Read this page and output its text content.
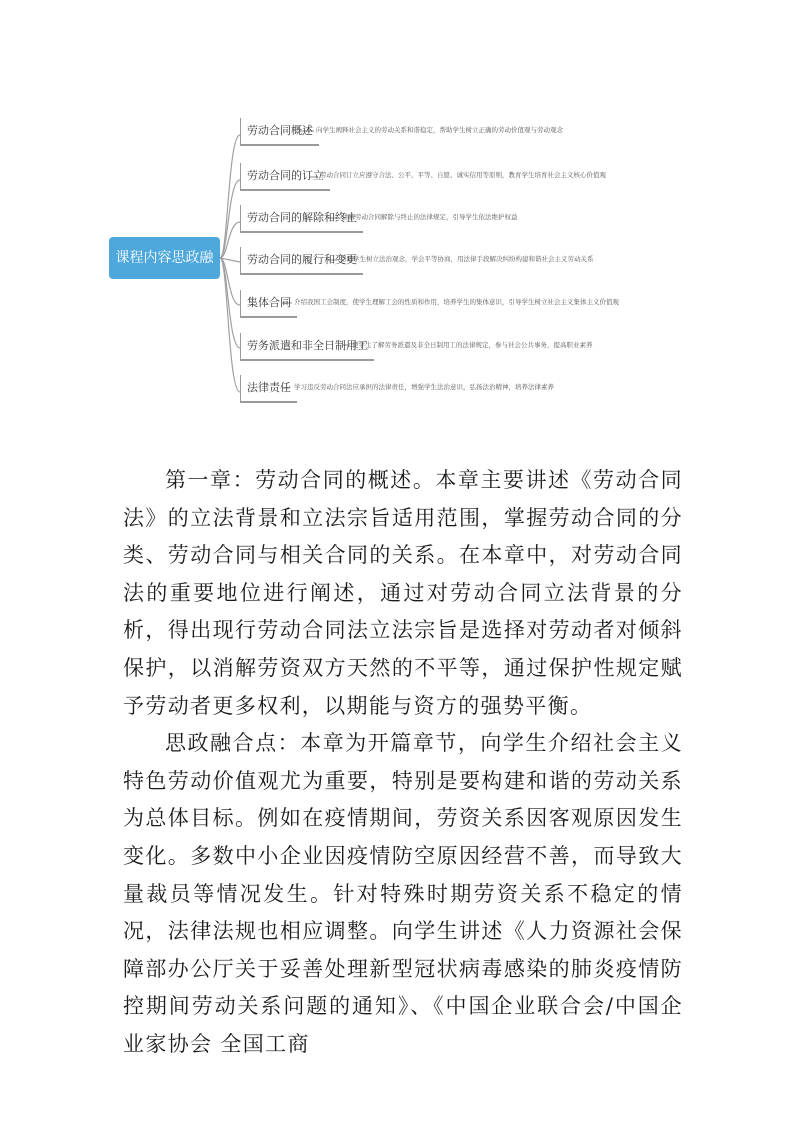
课程内容思政融入点
劳动合同概述 向学生阐释社会主义的劳动关系和谐稳定，帮助学生树立正确的劳动价值观与劳动观念
劳动合同的订立
劳动合同订立应遵守合法、公平、平等、自愿、诚实信用等原则，教育学生培育社会主义核心价值观
劳动合同的解除和终止
讲解劳动合同解除与终止的法律规定，引导学生依法维护权益
劳动合同的履行和变更
帮助学生树立法治观念，学会平等协商，用法律手段解决纠纷构建和谐社会主义劳动关系
集体合同 介绍我国工会制度，使学生理解工会的性质和作用，培养学生的集体意识，引导学生树立社会主义集体主义价值观
劳务派遣和非全日制用工
使学生了解劳务派遣及非全日制用工的法律规定，参与社会公共事务，提高职业素养
法律责任 学习违反劳动合同法应承担的法律责任，增强学生法治意识，弘扬法治精神，培养法律素养

第一章：劳动合同的概述。本章主要讲述《劳动合同法》的立法背景和立法宗旨适用范围，掌握劳动合同的分类、劳动合同与相关合同的关系。在本章中，对劳动合同法的重要地位进行阐述，通过对劳动合同立法背景的分析，得出现行劳动合同法立法宗旨是选择对劳动者对倾斜保护，以消解劳资双方天然的不平等，通过保护性规定赋予劳动者更多权利，以期能与资方的强势平衡。

思政融合点：本章为开篇章节，向学生介绍社会主义特色劳动价值观尤为重要，特别是要构建和谐的劳动关系为总体目标。例如在疫情期间，劳资关系因客观原因发生变化。多数中小企业因疫情防空原因经营不善，而导致大量裁员等情况发生。针对特殊时期劳资关系不稳定的情况，法律法规也相应调整。向学生讲述《人力资源社会保障部办公厅关于妥善处理新型冠状病毒感染的肺炎疫情防控期间劳动关系问题的通知》、《中国企业联合会/中国企业家协会 全国工商
